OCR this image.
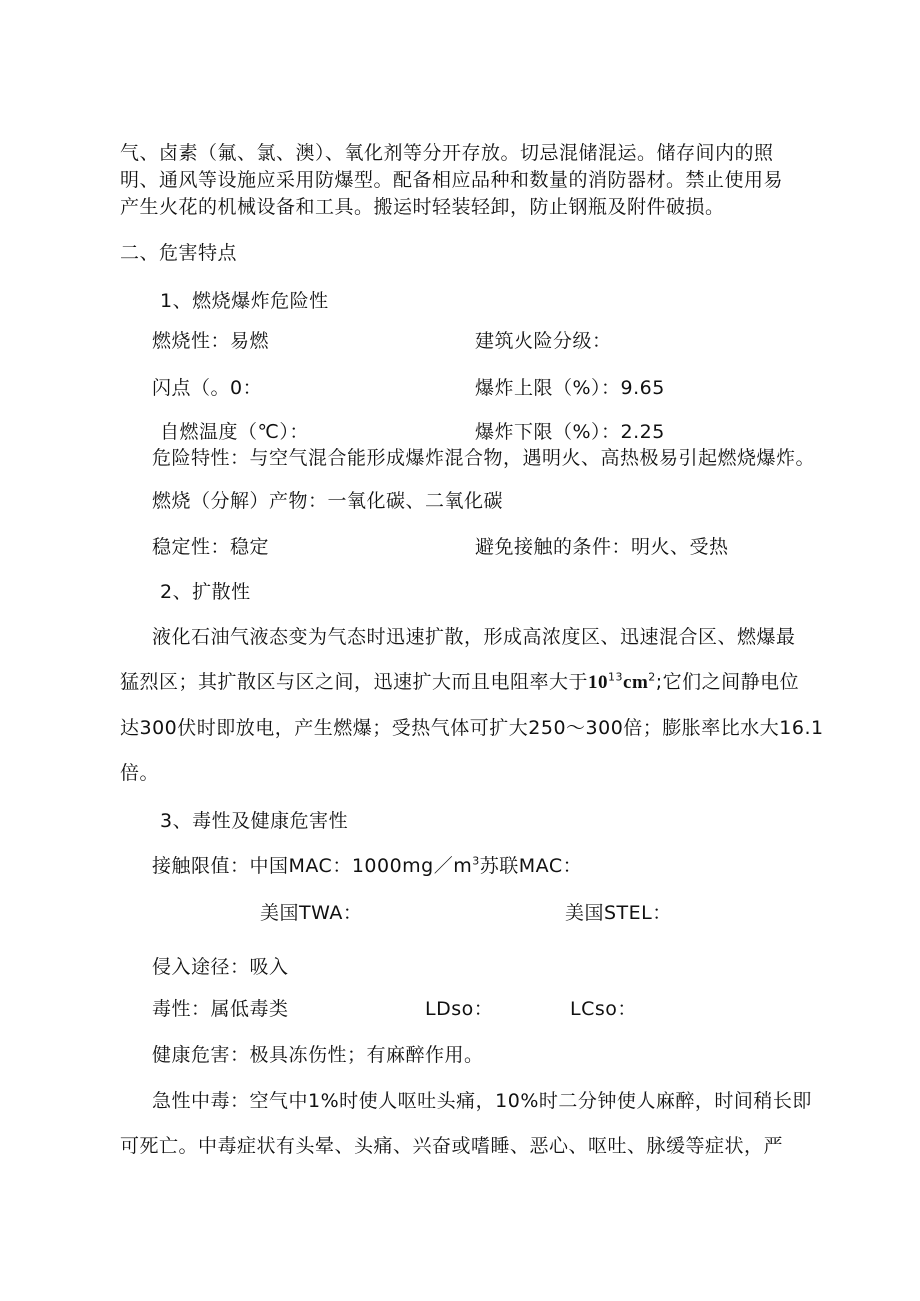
气、卤素（氟、氯、澳）、氧化剂等分开存放。切忌混储混运。储存间内的照
明、通风等设施应采用防爆型。配备相应品种和数量的消防器材。禁止使用易
产生火花的机械设备和工具。搬运时轻装轻卸，防止钢瓶及附件破损。
二、危害特点
1、燃烧爆炸危险性
燃烧性：易燃	建筑火险分级：
闪点（。0：	爆炸上限（%）：9.65
自燃温度（℃）：	爆炸下限（%）：2.25
危险特性：与空气混合能形成爆炸混合物，遇明火、高热极易引起燃烧爆炸。
燃烧（分解）产物：一氧化碳、二氧化碳
稳定性：稳定	避免接触的条件：明火、受热
2、扩散性
液化石油气液态变为气态时迅速扩散，形成高浓度区、迅速混合区、燃爆最
猛烈区；其扩散区与区之间，迅速扩大而且电阻率大于$10^{13}cm^2$;它们之间静电位
达300伏时即放电，产生燃爆；受热气体可扩大250～300倍；膨胀率比水大16.1
倍。
3、毒性及健康危害性
接触限值：中国MAC：$1000mg/m^3$苏联MAC：
美国TWA：	美国STEL：
侵入途径：吸入
毒性：属低毒类	LDso：	LCso：
健康危害：极具冻伤性；有麻醉作用。
急性中毒：空气中1%时使人呕吐头痛，10%时二分钟使人麻醉，时间稍长即
可死亡。中毒症状有头晕、头痛、兴奋或嗜睡、恶心、呕吐、脉缓等症状，严
